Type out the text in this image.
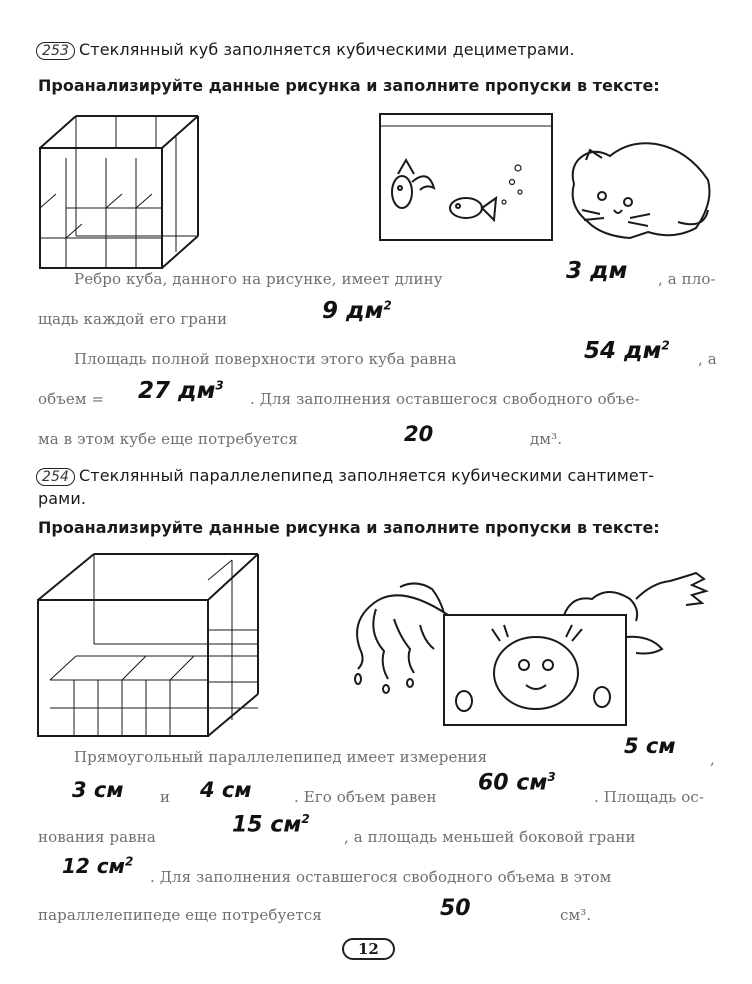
253 Стеклянный куб заполняется кубическими дециметрами.
Проанализируйте данные рисунка и заполните пропуски в тексте:
Ребро куба, данного на рисунке, имеет длину	3 дм , а пло-
щадь каждой его грани	9 $дм^2$
Площадь полной поверхности этого куба равна	54 $дм^2$
, а
объем = 27 $дм^3$
. Для заполнения оставшегося свободного объе-
ма в этом кубе еще потребуется	20	дм³.
254 Стеклянный параллелепипед заполняется кубическими сантимет-
рами.
Проанализируйте данные рисунка и заполните пропуски в тексте:
Прямоугольный параллелепипед имеет измерения	5 см
,
3 см и 4 см	. Его объем равен
60 $см^3$
. Площадь ос-
нования равна	15 $см^2$
, а площадь меньшей боковой грани
12 $см^2$
. Для заполнения оставшегося свободного объема в этом
параллелепипеде еще потребуется	50	см³.
12
